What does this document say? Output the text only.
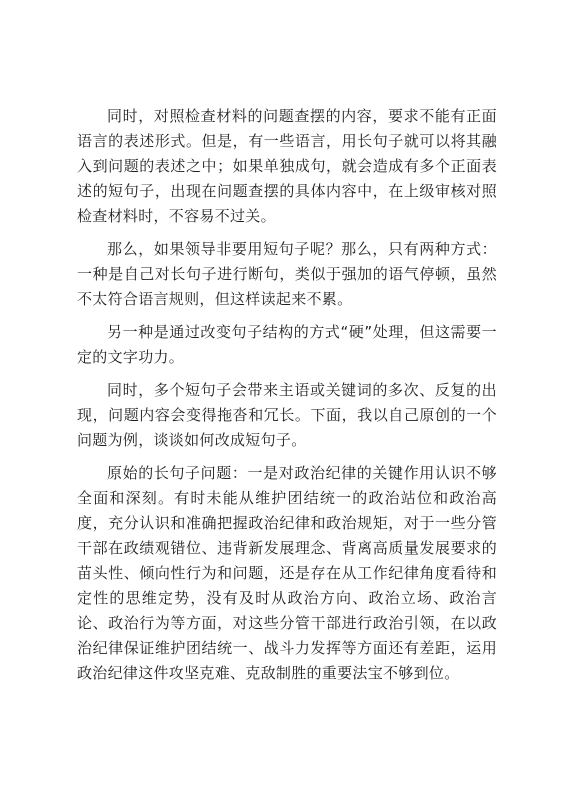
同时，对照检查材料的问题查摆的内容，要求不能有正面语言的表述形式。但是，有一些语言，用长句子就可以将其融入到问题的表述之中；如果单独成句，就会造成有多个正面表述的短句子，出现在问题查摆的具体内容中，在上级审核对照检查材料时，不容易不过关。

那么，如果领导非要用短句子呢？那么，只有两种方式：一种是自己对长句子进行断句，类似于强加的语气停顿，虽然不太符合语言规则，但这样读起来不累。

另一种是通过改变句子结构的方式“硬”处理，但这需要一定的文字功力。

同时，多个短句子会带来主语或关键词的多次、反复的出现，问题内容会变得拖沓和冗长。下面，我以自己原创的一个问题为例，谈谈如何改成短句子。

原始的长句子问题：一是对政治纪律的关键作用认识不够全面和深刻。有时未能从维护团结统一的政治站位和政治高度，充分认识和准确把握政治纪律和政治规矩，对于一些分管干部在政绩观错位、违背新发展理念、背离高质量发展要求的苗头性、倾向性行为和问题，还是存在从工作纪律角度看待和定性的思维定势，没有及时从政治方向、政治立场、政治言论、政治行为等方面，对这些分管干部进行政治引领，在以政治纪律保证维护团结统一、战斗力发挥等方面还有差距，运用政治纪律这件攻坚克难、克敌制胜的重要法宝不够到位。
